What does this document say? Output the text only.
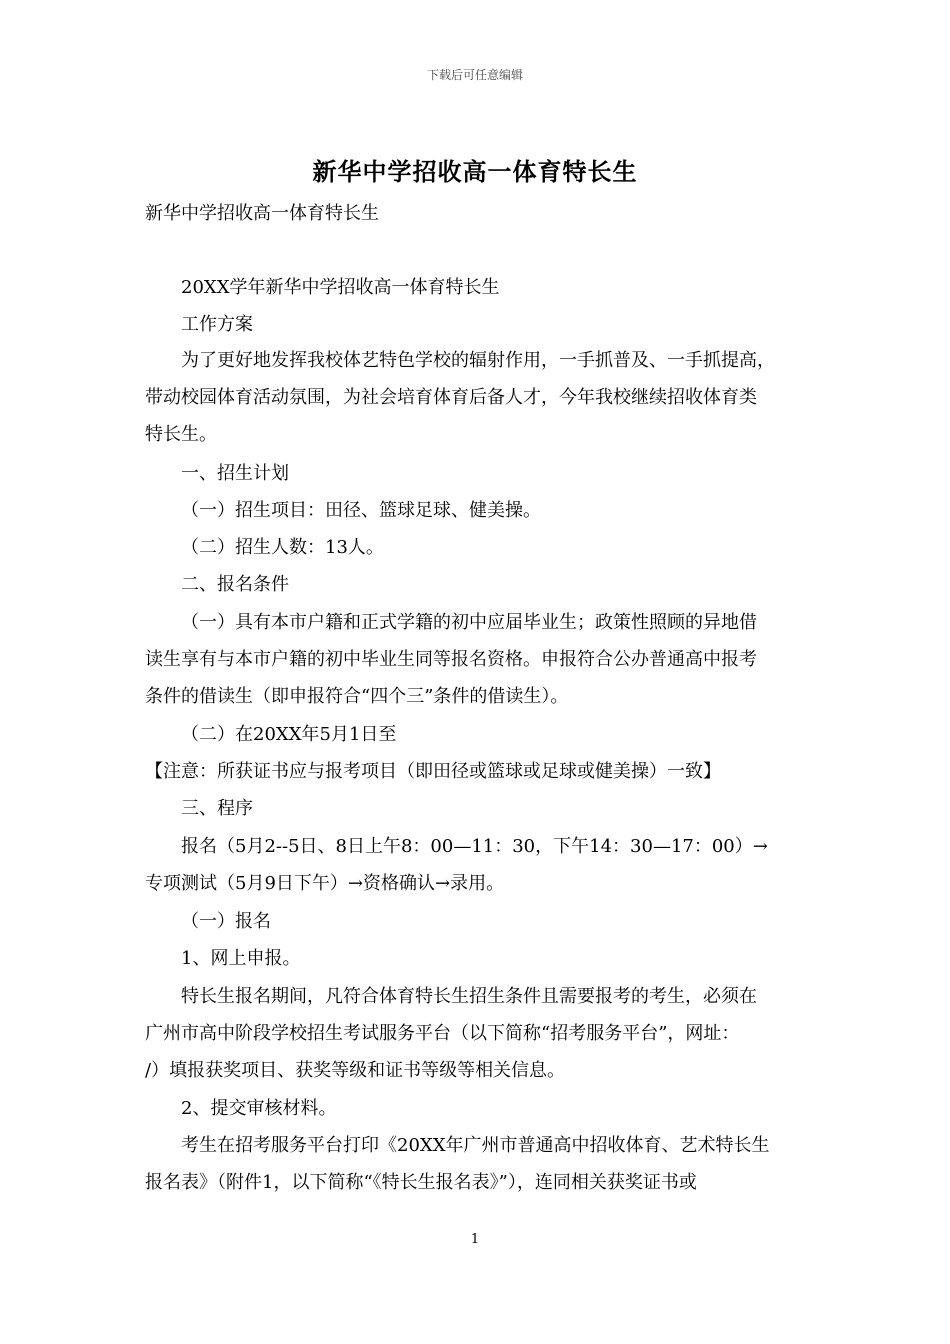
下载后可任意编辑
新华中学招收高一体育特长生
新华中学招收高一体育特长生
20XX学年新华中学招收高一体育特长生
工作方案
为了更好地发挥我校体艺特色学校的辐射作用，一手抓普及、一手抓提高，
带动校园体育活动氛围，为社会培育体育后备人才，今年我校继续招收体育类
特长生。
一、招生计划
（一）招生项目：田径、篮球足球、健美操。
（二）招生人数：13人。
二、报名条件
（一）具有本市户籍和正式学籍的初中应届毕业生；政策性照顾的异地借
读生享有与本市户籍的初中毕业生同等报名资格。申报符合公办普通高中报考
条件的借读生（即申报符合“四个三”条件的借读生）。
（二）在20XX年5月1日至
【注意：所获证书应与报考项目（即田径或篮球或足球或健美操）一致】
三、程序
报名（5月2--5日、8日上午8：00—11：30，下午14：30—17：00）→
专项测试（5月9日下午）→资格确认→录用。
（一）报名
1、网上申报。
特长生报名期间，凡符合体育特长生招生条件且需要报考的考生，必须在
广州市高中阶段学校招生考试服务平台（以下简称“招考服务平台”，网址：
/）填报获奖项目、获奖等级和证书等级等相关信息。
2、提交审核材料。
考生在招考服务平台打印《20XX年广州市普通高中招收体育、艺术特长生
报名表》（附件1，以下简称“《特长生报名表》”），连同相关获奖证书或
1
